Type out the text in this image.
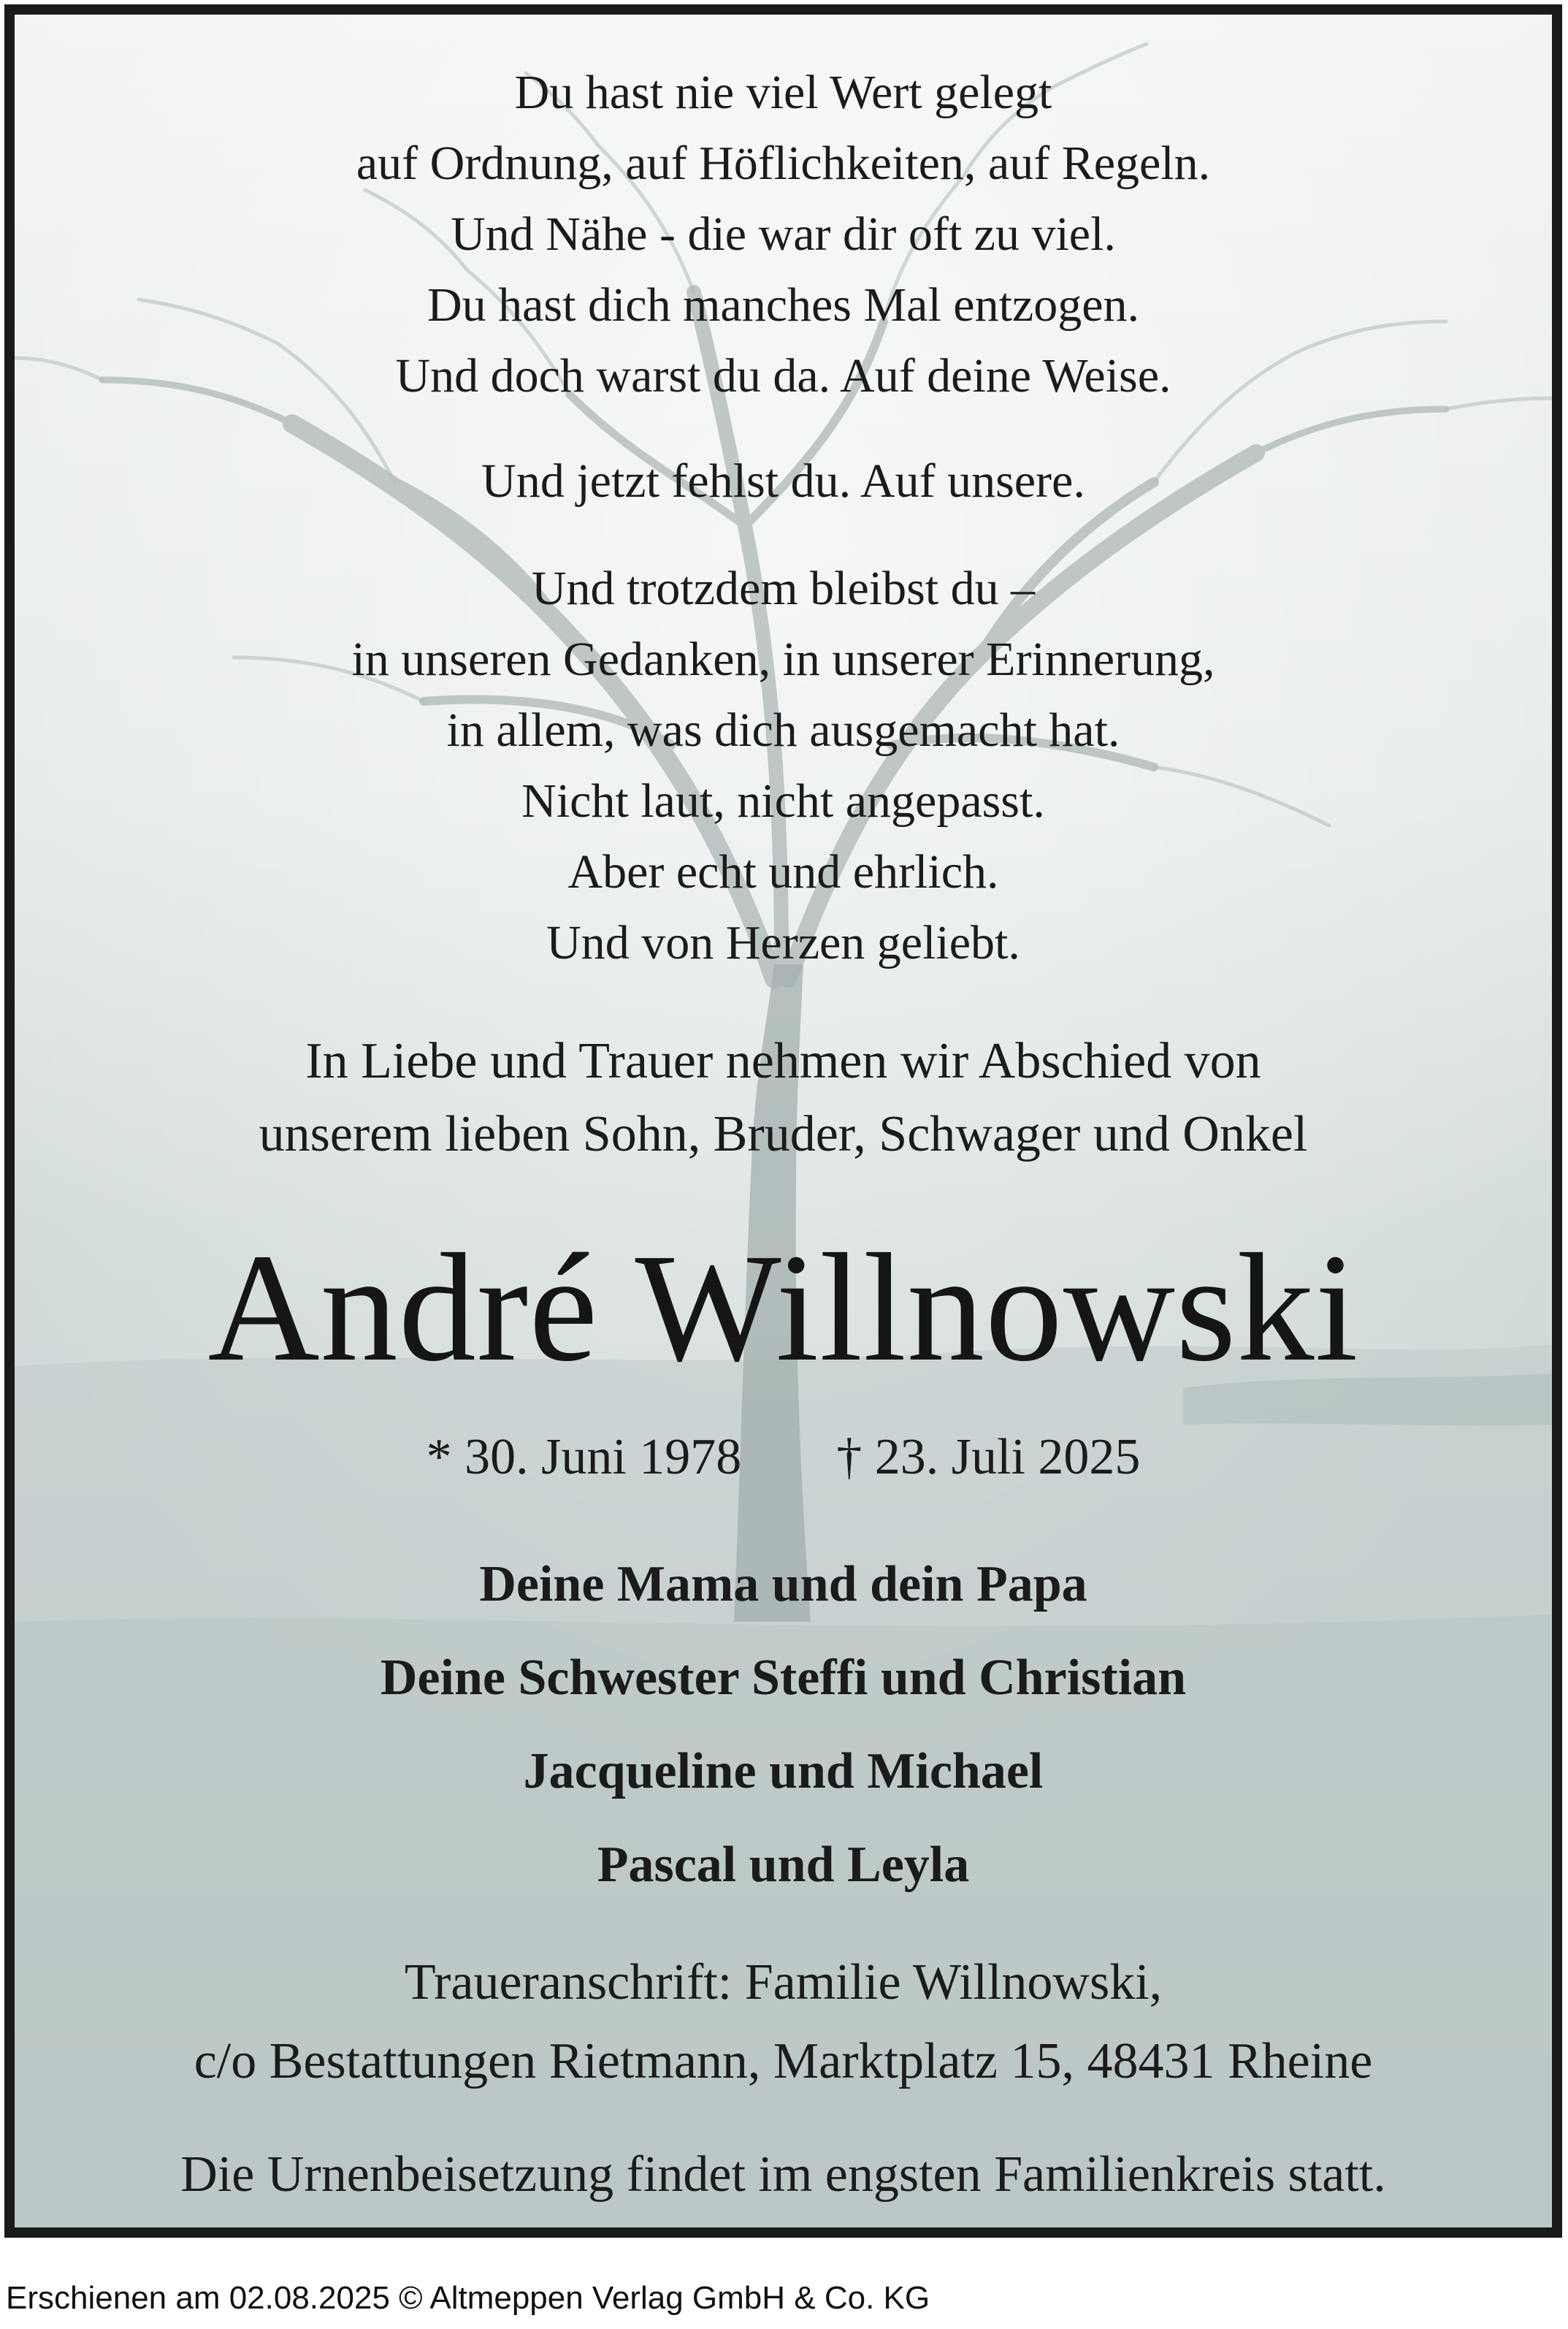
Du hast nie viel Wert gelegt
auf Ordnung, auf Höflichkeiten, auf Regeln.
Und Nähe - die war dir oft zu viel.
Du hast dich manches Mal entzogen.
Und doch warst du da. Auf deine Weise.
Und jetzt fehlst du. Auf unsere.
Und trotzdem bleibst du –
in unseren Gedanken, in unserer Erinnerung,
in allem, was dich ausgemacht hat.
Nicht laut, nicht angepasst.
Aber echt und ehrlich.
Und von Herzen geliebt.
In Liebe und Trauer nehmen wir Abschied von
unserem lieben Sohn, Bruder, Schwager und Onkel
André Willnowski
* 30. Juni 1978 † 23. Juli 2025
Deine Mama und dein Papa
Deine Schwester Steffi und Christian
Jacqueline und Michael
Pascal und Leyla
Traueranschrift: Familie Willnowski,
c/o Bestattungen Rietmann, Marktplatz 15, 48431 Rheine
Die Urnenbeisetzung findet im engsten Familienkreis statt.
Erschienen am 02.08.2025 © Altmeppen Verlag GmbH & Co. KG
